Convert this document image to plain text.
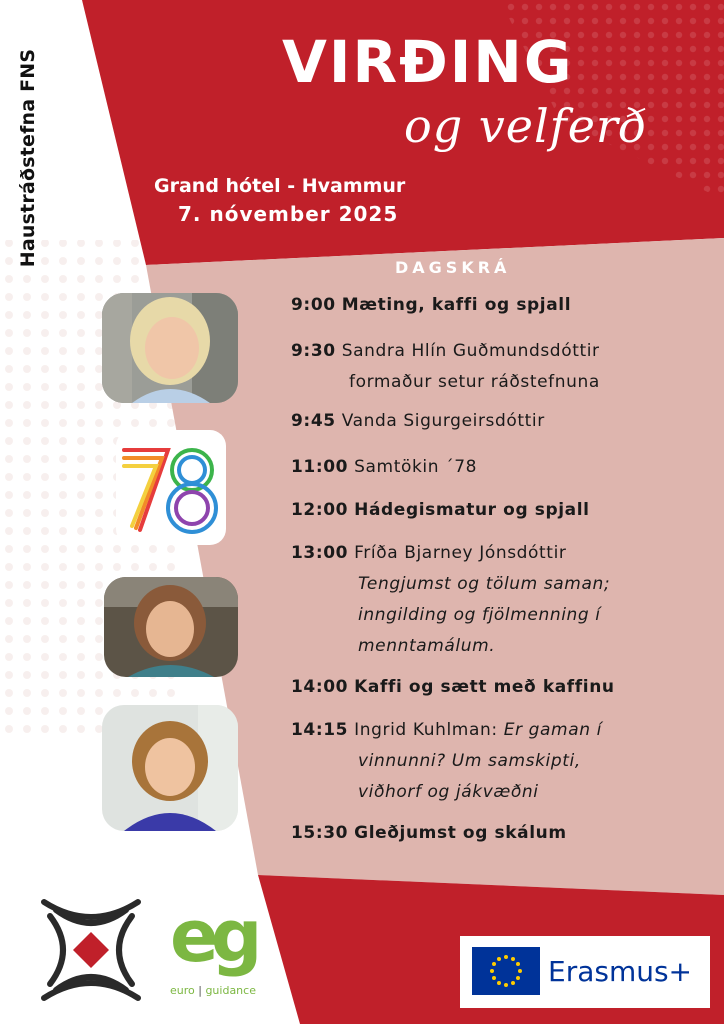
Haustráðstefna FNS	VIRÐING
og velferð
Grand hótel - Hvammur
7. nóvember 2025
DAGSKRÁ
9:00 Mæting, kaffi og spjall
9:30 Sandra Hlín Guðmundsdóttir
formaður setur ráðstefnuna
9:45 Vanda Sigurgeirsdóttir
11:00 Samtökin ´78
12:00 Hádegismatur og spjall
13:00 Fríða Bjarney Jónsdóttir
Tengjumst og tölum saman;
inngilding og fjölmenning í
menntamálum.
14:00 Kaffi og sætt með kaffinu
14:15 Ingrid Kuhlman: Er gaman í
vinnunni? Um samskipti,
viðhorf og jákvæðni
15:30 Gleðjumst og skálum
eg
euro | guidance
Erasmus+
